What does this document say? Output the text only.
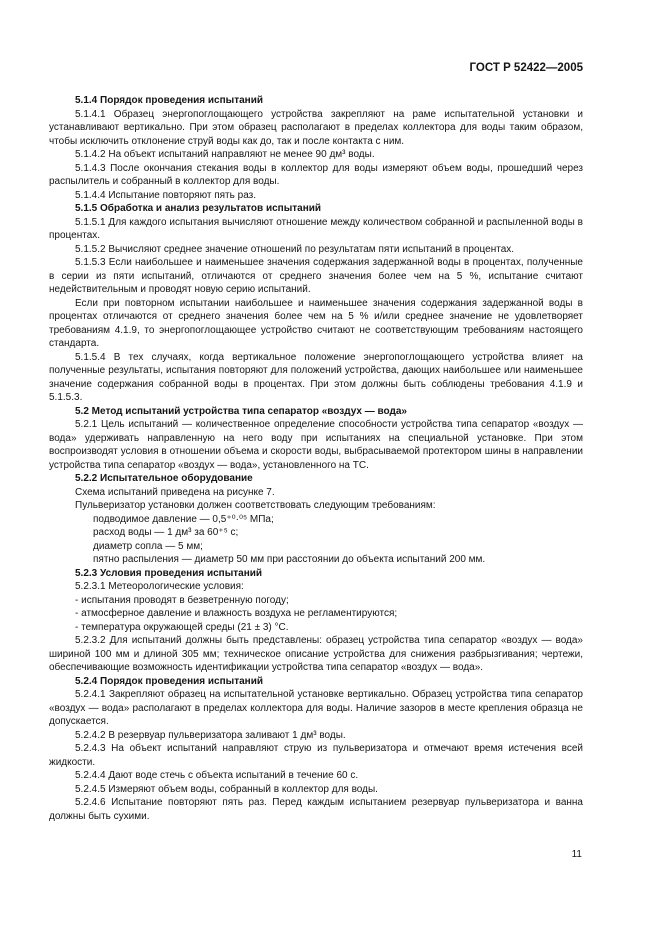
ГОСТ Р 52422—2005

5.1.4 Порядок проведения испытаний

5.1.4.1 Образец энергопоглощающего устройства закрепляют на раме испытательной установки и устанавливают вертикально. При этом образец располагают в пределах коллектора для воды таким образом, чтобы исключить отклонение струй воды как до, так и после контакта с ним.

5.1.4.2 На объект испытаний направляют не менее 90 дм³ воды.

5.1.4.3 После окончания стекания воды в коллектор для воды измеряют объем воды, прошедший через распылитель и собранный в коллектор для воды.

5.1.4.4 Испытание повторяют пять раз.

5.1.5 Обработка и анализ результатов испытаний

5.1.5.1 Для каждого испытания вычисляют отношение между количеством собранной и распыленной воды в процентах.

5.1.5.2 Вычисляют среднее значение отношений по результатам пяти испытаний в процентах.

5.1.5.3 Если наибольшее и наименьшее значения содержания задержанной воды в процентах, полученные в серии из пяти испытаний, отличаются от среднего значения более чем на 5 %, испытание считают недействительным и проводят новую серию испытаний.

Если при повторном испытании наибольшее и наименьшее значения содержания задержанной воды в процентах отличаются от среднего значения более чем на 5 % и/или среднее значение не удовлетворяет требованиям 4.1.9, то энергопоглощающее устройство считают не соответствующим требованиям настоящего стандарта.

5.1.5.4 В тех случаях, когда вертикальное положение энергопоглощающего устройства влияет на полученные результаты, испытания повторяют для положений устройства, дающих наибольшее или наименьшее значение содержания собранной воды в процентах. При этом должны быть соблюдены требования 4.1.9 и 5.1.5.3.

5.2 Метод испытаний устройства типа сепаратор «воздух — вода»

5.2.1 Цель испытаний — количественное определение способности устройства типа сепаратор «воздух — вода» удерживать направленную на него воду при испытаниях на специальной установке. При этом воспроизводят условия в отношении объема и скорости воды, выбрасываемой протектором шины в направлении устройства типа сепаратор «воздух — вода», установленного на ТС.

5.2.2 Испытательное оборудование

Схема испытаний приведена на рисунке 7.

Пульверизатор установки должен соответствовать следующим требованиям:

подводимое давление — 0,5⁺⁰·⁰⁵ МПа;

расход воды — 1 дм³ за 60⁺⁵ с;

диаметр сопла — 5 мм;

пятно распыления — диаметр 50 мм при расстоянии до объекта испытаний 200 мм.

5.2.3 Условия проведения испытаний

5.2.3.1 Метеорологические условия:

- испытания проводят в безветренную погоду;

- атмосферное давление и влажность воздуха не регламентируются;

- температура окружающей среды (21 ± 3) °С.

5.2.3.2 Для испытаний должны быть представлены: образец устройства типа сепаратор «воздух — вода» шириной 100 мм и длиной 305 мм; техническое описание устройства для снижения разбрызгивания; чертежи, обеспечивающие возможность идентификации устройства типа сепаратор «воздух — вода».

5.2.4 Порядок проведения испытаний

5.2.4.1 Закрепляют образец на испытательной установке вертикально. Образец устройства типа сепаратор «воздух — вода» располагают в пределах коллектора для воды. Наличие зазоров в месте крепления образца не допускается.

5.2.4.2 В резервуар пульверизатора заливают 1 дм³ воды.

5.2.4.3 На объект испытаний направляют струю из пульверизатора и отмечают время истечения всей жидкости.

5.2.4.4 Дают воде стечь с объекта испытаний в течение 60 с.

5.2.4.5 Измеряют объем воды, собранный в коллектор для воды.

5.2.4.6 Испытание повторяют пять раз. Перед каждым испытанием резервуар пульверизатора и ванна должны быть сухими.

11
